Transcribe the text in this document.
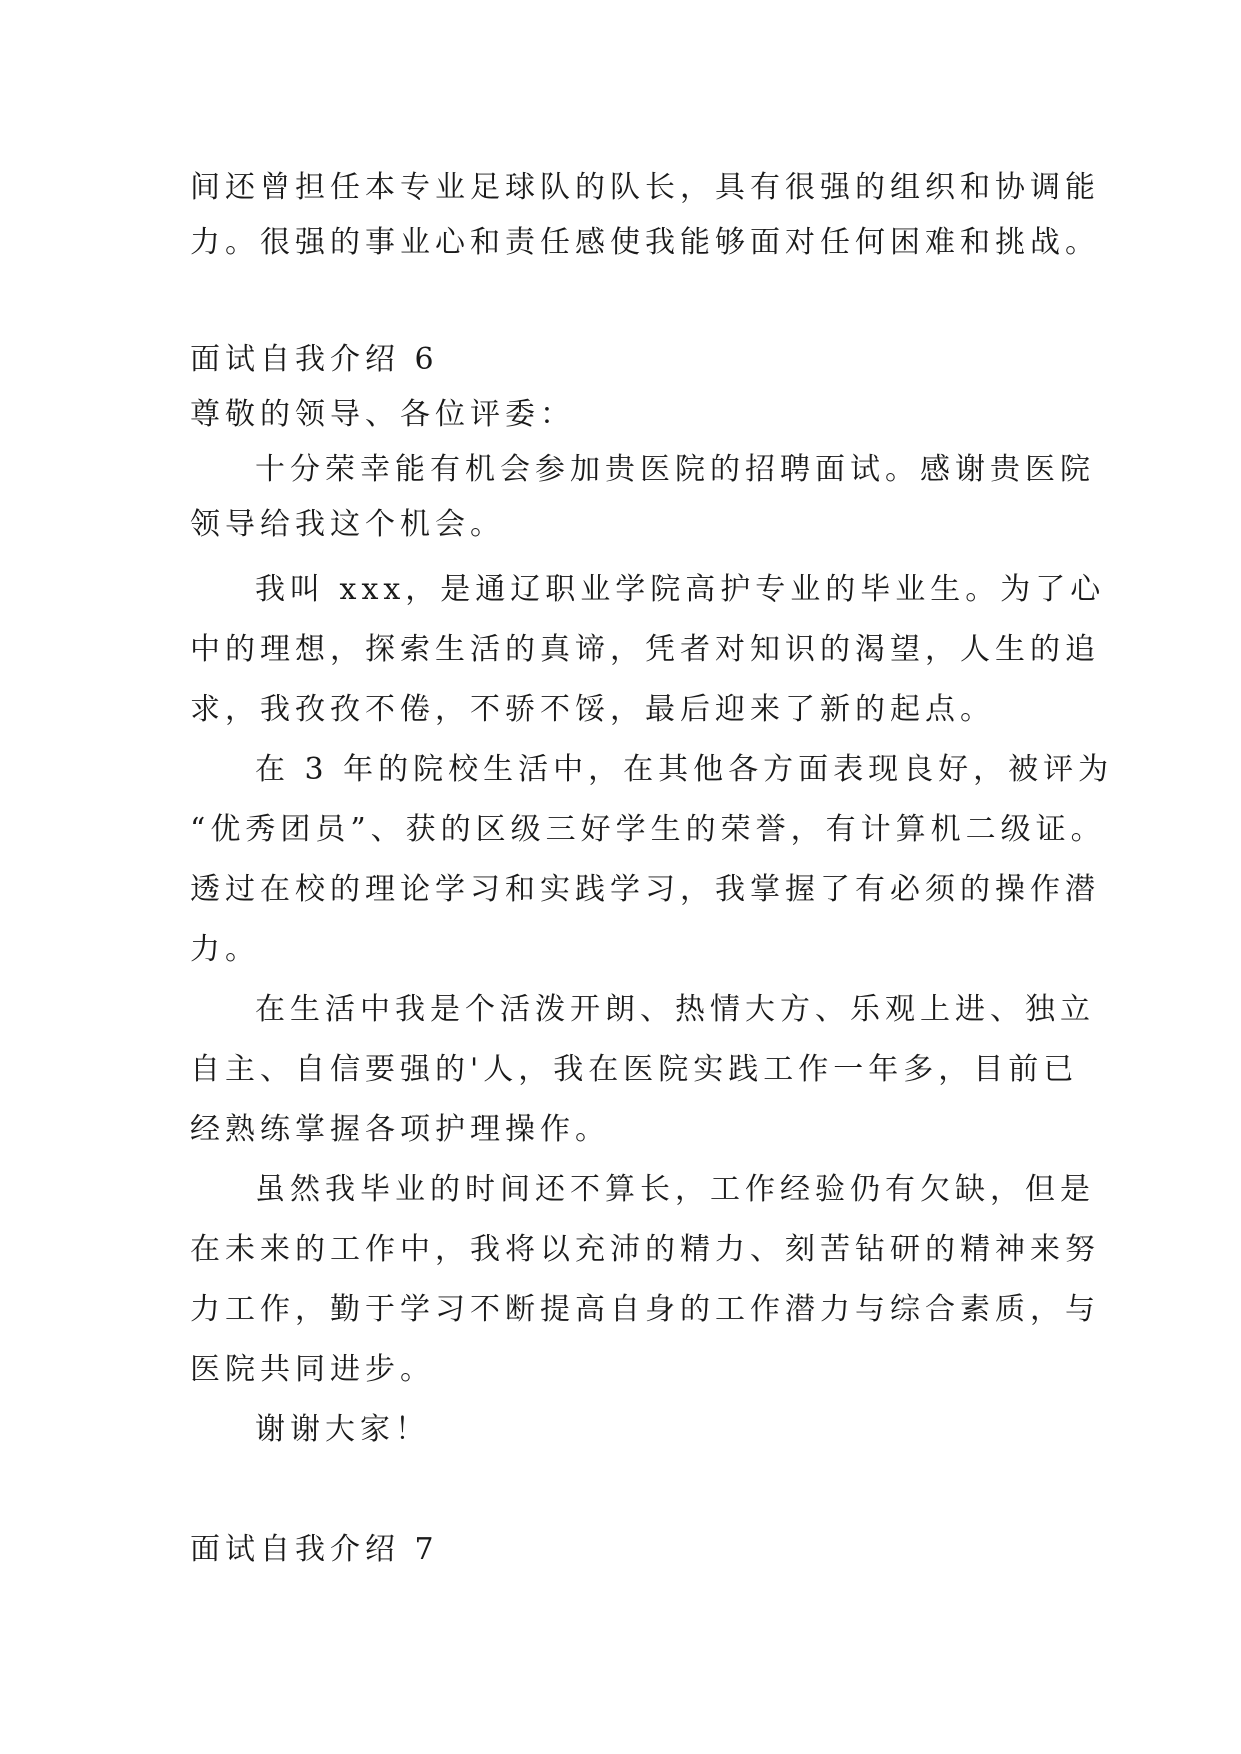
间还曾担任本专业足球队的队长，具有很强的组织和协调能
力。很强的事业心和责任感使我能够面对任何困难和挑战。
面试自我介绍 6
尊敬的领导、各位评委：
十分荣幸能有机会参加贵医院的招聘面试。感谢贵医院
领导给我这个机会。
我叫 xxx，是通辽职业学院高护专业的毕业生。为了心
中的理想，探索生活的真谛，凭者对知识的渴望，人生的追
求，我孜孜不倦，不骄不馁，最后迎来了新的起点。
在 3 年的院校生活中，在其他各方面表现良好，被评为
“优秀团员”、获的区级三好学生的荣誉，有计算机二级证。
透过在校的理论学习和实践学习，我掌握了有必须的操作潜
力。
在生活中我是个活泼开朗、热情大方、乐观上进、独立
自主、自信要强的'人，我在医院实践工作一年多，目前已
经熟练掌握各项护理操作。
虽然我毕业的时间还不算长，工作经验仍有欠缺，但是
在未来的工作中，我将以充沛的精力、刻苦钻研的精神来努
力工作，勤于学习不断提高自身的工作潜力与综合素质，与
医院共同进步。
谢谢大家！
面试自我介绍 7
